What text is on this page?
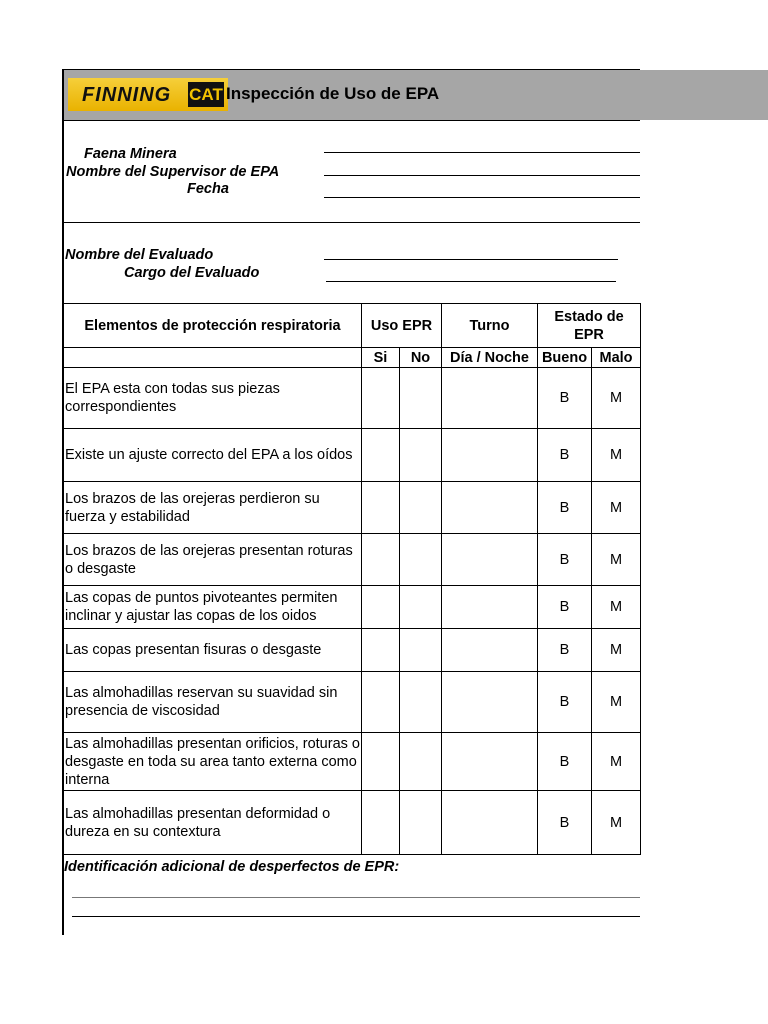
FINNING CAT Inspección de Uso de EPA
Faena Minera
Nombre del Supervisor de EPA
Fecha
Nombre del Evaluado
Cargo del Evaluado
Elementos de protección respiratoria	Uso EPR		Turno	Estado de EPR	
	Si	No	Día / Noche	Bueno	Malo
El EPA esta con todas sus piezas correspondientes				B	M
Existe un ajuste correcto del EPA a los oídos				B	M
Los brazos de las orejeras perdieron su fuerza y estabilidad				B	M
Los brazos de las orejeras presentan roturas o desgaste				B	M
Las copas de puntos pivoteantes permiten inclinar y ajustar las copas de los oidos				B	M
Las copas presentan fisuras o desgaste				B	M
Las almohadillas reservan su suavidad sin presencia de viscosidad				B	M
Las almohadillas presentan orificios, roturas o desgaste en toda su area tanto externa como interna				B	M
Las almohadillas presentan deformidad o dureza en su contextura				B	M
Identificación adicional de desperfectos de EPR:
